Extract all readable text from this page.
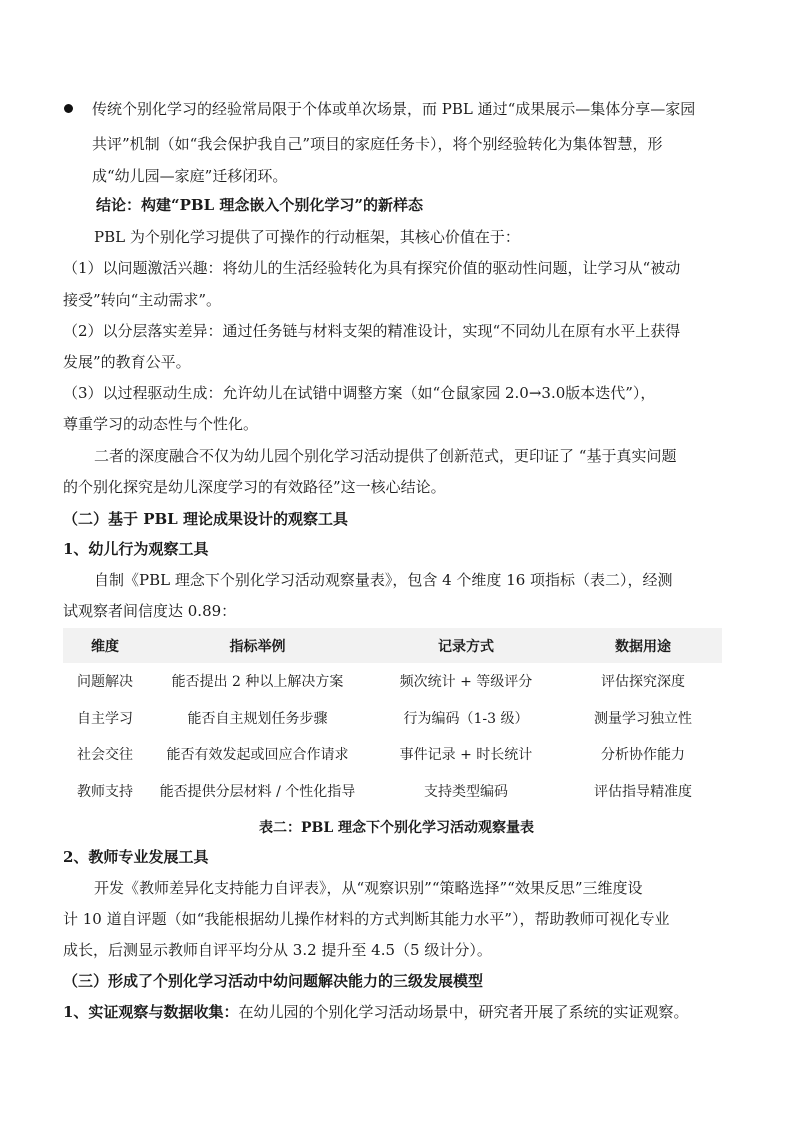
传统个别化学习的经验常局限于个体或单次场景，而 PBL 通过“成果展示—集体分享—家园
共评”机制（如“我会保护我自己”项目的家庭任务卡），将个别经验转化为集体智慧，形
成“幼儿园—家庭”迁移闭环。
结论：构建“PBL 理念嵌入个别化学习”的新样态
PBL 为个别化学习提供了可操作的行动框架，其核心价值在于：
（1）以问题激活兴趣：将幼儿的生活经验转化为具有探究价值的驱动性问题，让学习从“被动
接受”转向“主动需求”。
（2）以分层落实差异：通过任务链与材料支架的精准设计，实现“不同幼儿在原有水平上获得
发展”的教育公平。
（3）以过程驱动生成：允许幼儿在试错中调整方案（如“仓鼠家园 2.0→3.0版本迭代”），
尊重学习的动态性与个性化。
二者的深度融合不仅为幼儿园个别化学习活动提供了创新范式，更印证了 “基于真实问题
的个别化探究是幼儿深度学习的有效路径”这一核心结论。
（二）基于 PBL 理论成果设计的观察工具
1、幼儿行为观察工具
自制《PBL 理念下个别化学习活动观察量表》，包含 4 个维度 16 项指标（表二），经测
试观察者间信度达 0.89：
维度	指标举例	记录方式	数据用途
问题解决	能否提出 2 种以上解决方案	频次统计 + 等级评分	评估探究深度
自主学习	能否自主规划任务步骤	行为编码（1-3 级）	测量学习独立性
社会交往	能否有效发起或回应合作请求	事件记录 + 时长统计	分析协作能力
教师支持	能否提供分层材料 / 个性化指导	支持类型编码	评估指导精准度
表二：PBL 理念下个别化学习活动观察量表
2、教师专业发展工具
开发《教师差异化支持能力自评表》，从“观察识别”“策略选择”“效果反思”三维度设
计 10 道自评题（如“我能根据幼儿操作材料的方式判断其能力水平”），帮助教师可视化专业
成长，后测显示教师自评平均分从 3.2 提升至 4.5（5 级计分）。
（三）形成了个别化学习活动中幼问题解决能力的三级发展模型
1、实证观察与数据收集：在幼儿园的个别化学习活动场景中，研究者开展了系统的实证观察。
